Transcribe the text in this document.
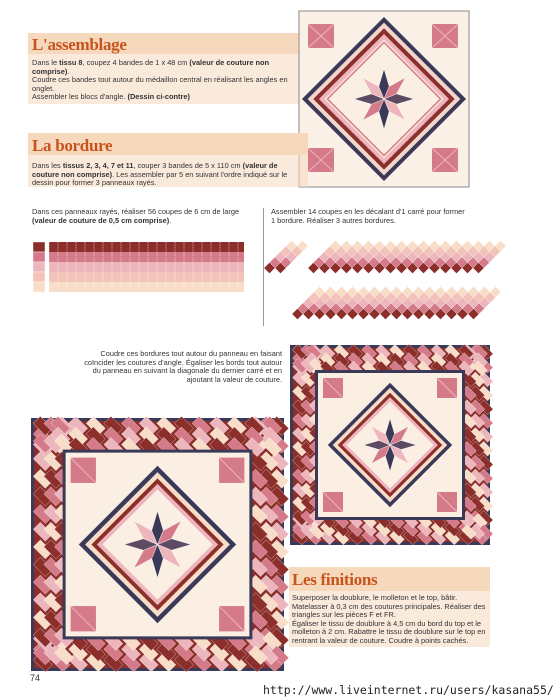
L'assemblage
Dans le tissu 8, coupez 4 bandes de 1 x 48 cm (valeur de couture non comprise).
Coudre ces bandes tout autour du médaillon central en réalisant les angles en
onglet.
Assembler les blocs d'angle. (Dessin ci-contre)
La bordure
Dans les tissus 2, 3, 4, 7 et 11, couper 3 bandes de 5 x 110 cm (valeur de
couture non comprise). Les assembler par 5 en suivant l'ordre indiqué sur le
dessin pour former 3 panneaux rayés.
Dans ces panneaux rayés, réaliser 56 coupes de 6 cm de large
(valeur de couture de 0,5 cm comprise).
Assembler 14 coupes en les décalant d'1 carré pour former
1 bordure. Réaliser 3 autres bordures.
Coudre ces bordures tout autour du panneau en faisant
coïncider les coutures d'angle. Égaliser les bords tout autour
du panneau en suivant la diagonale du dernier carré et en
ajoutant la valeur de couture.
Les finitions
Superposer la doublure, le molleton et le top, bâtir.
Matelasser à 0,3 cm des coutures principales. Réaliser des
triangles sur les pièces F et FR.
Égaliser le tissu de doublure à 4,5 cm du bord du top et le
molleton à 2 cm. Rabattre le tissu de doublure sur le top en
rentrant la valeur de couture. Coudre à points cachés.
74
http://www.liveinternet.ru/users/kasana55/
